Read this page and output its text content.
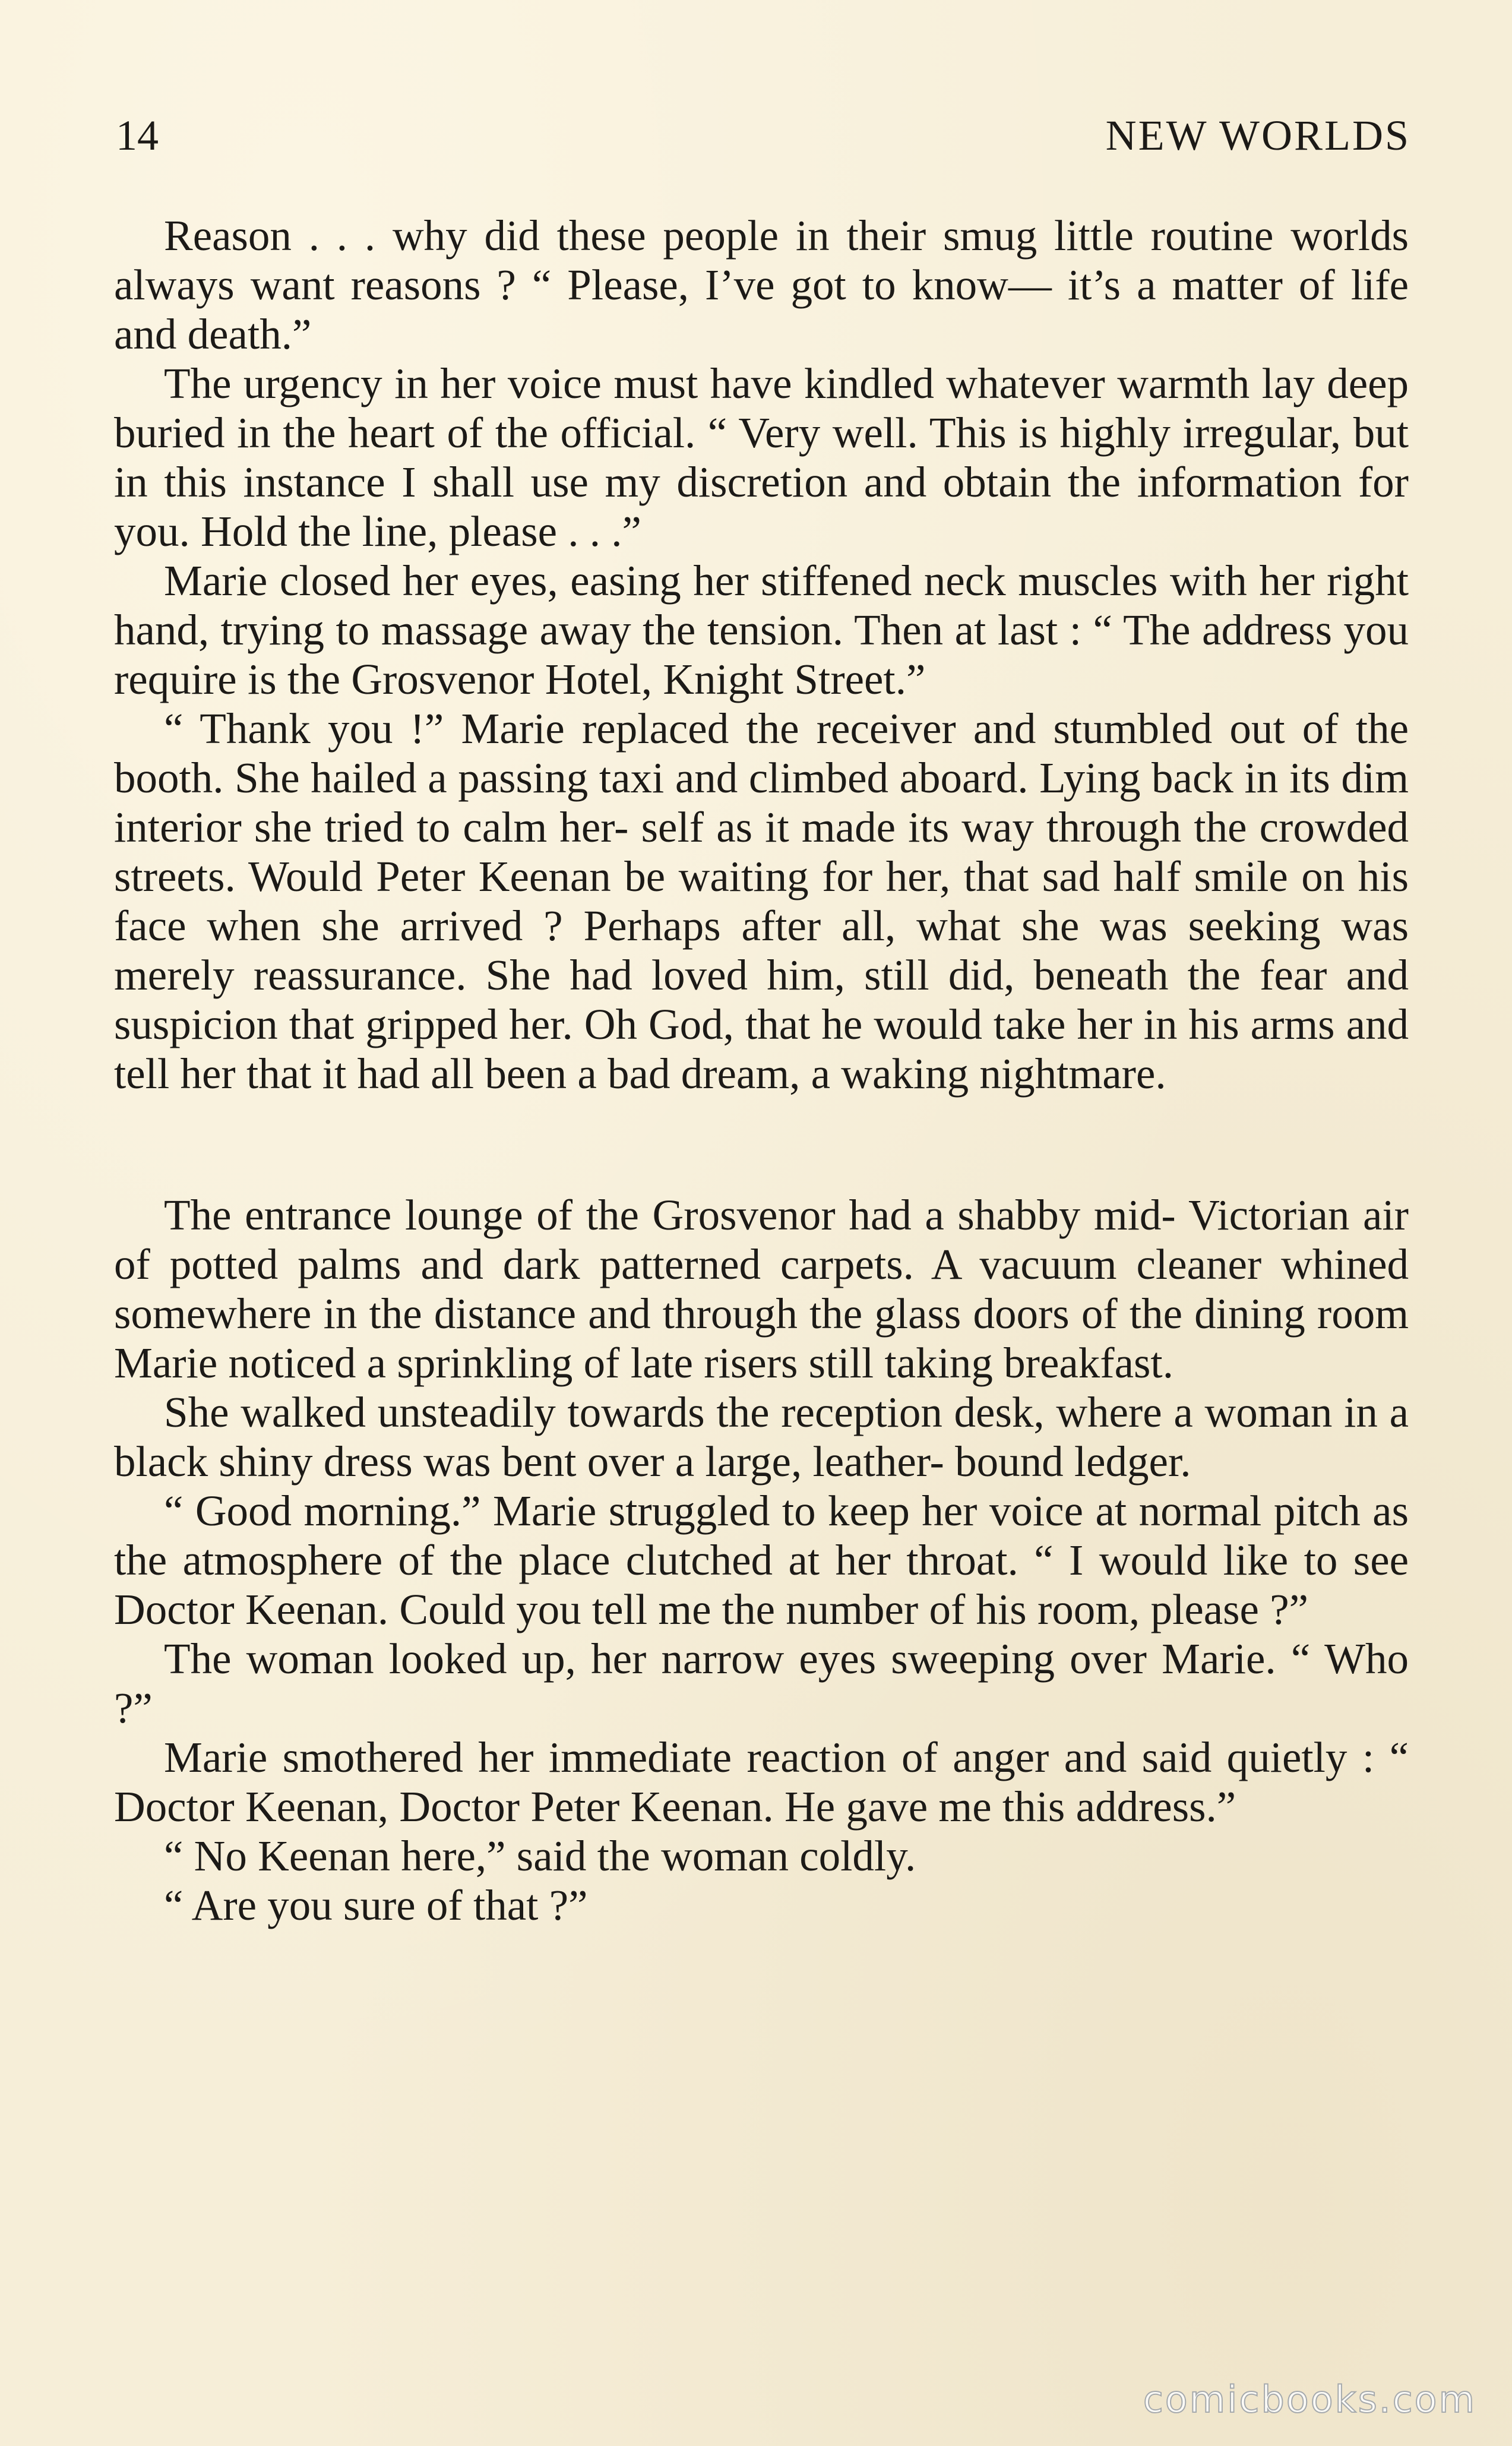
14	NEW WORLDS

Reason . . . why did these people in their smug little routine worlds always want reasons ? “ Please, I’ve got to know— it’s a matter of life and death.”

The urgency in her voice must have kindled whatever warmth lay deep buried in the heart of the official. “ Very well. This is highly irregular, but in this instance I shall use my discretion and obtain the information for you. Hold the line, please . . .”

Marie closed her eyes, easing her stiffened neck muscles with her right hand, trying to massage away the tension. Then at last : “ The address you require is the Grosvenor Hotel, Knight Street.”

“ Thank you !” Marie replaced the receiver and stumbled out of the booth. She hailed a passing taxi and climbed aboard. Lying back in its dim interior she tried to calm her- self as it made its way through the crowded streets. Would Peter Keenan be waiting for her, that sad half smile on his face when she arrived ? Perhaps after all, what she was seeking was merely reassurance. She had loved him, still did, beneath the fear and suspicion that gripped her. Oh God, that he would take her in his arms and tell her that it had all been a bad dream, a waking nightmare.

The entrance lounge of the Grosvenor had a shabby mid- Victorian air of potted palms and dark patterned carpets. A vacuum cleaner whined somewhere in the distance and through the glass doors of the dining room Marie noticed a sprinkling of late risers still taking breakfast.

She walked unsteadily towards the reception desk, where a woman in a black shiny dress was bent over a large, leather- bound ledger.

“ Good morning.” Marie struggled to keep her voice at normal pitch as the atmosphere of the place clutched at her throat. “ I would like to see Doctor Keenan. Could you tell me the number of his room, please ?”

The woman looked up, her narrow eyes sweeping over Marie. “ Who ?”

Marie smothered her immediate reaction of anger and said quietly : “ Doctor Keenan, Doctor Peter Keenan. He gave me this address.”

“ No Keenan here,” said the woman coldly.

“ Are you sure of that ?”

comicbooks.com
